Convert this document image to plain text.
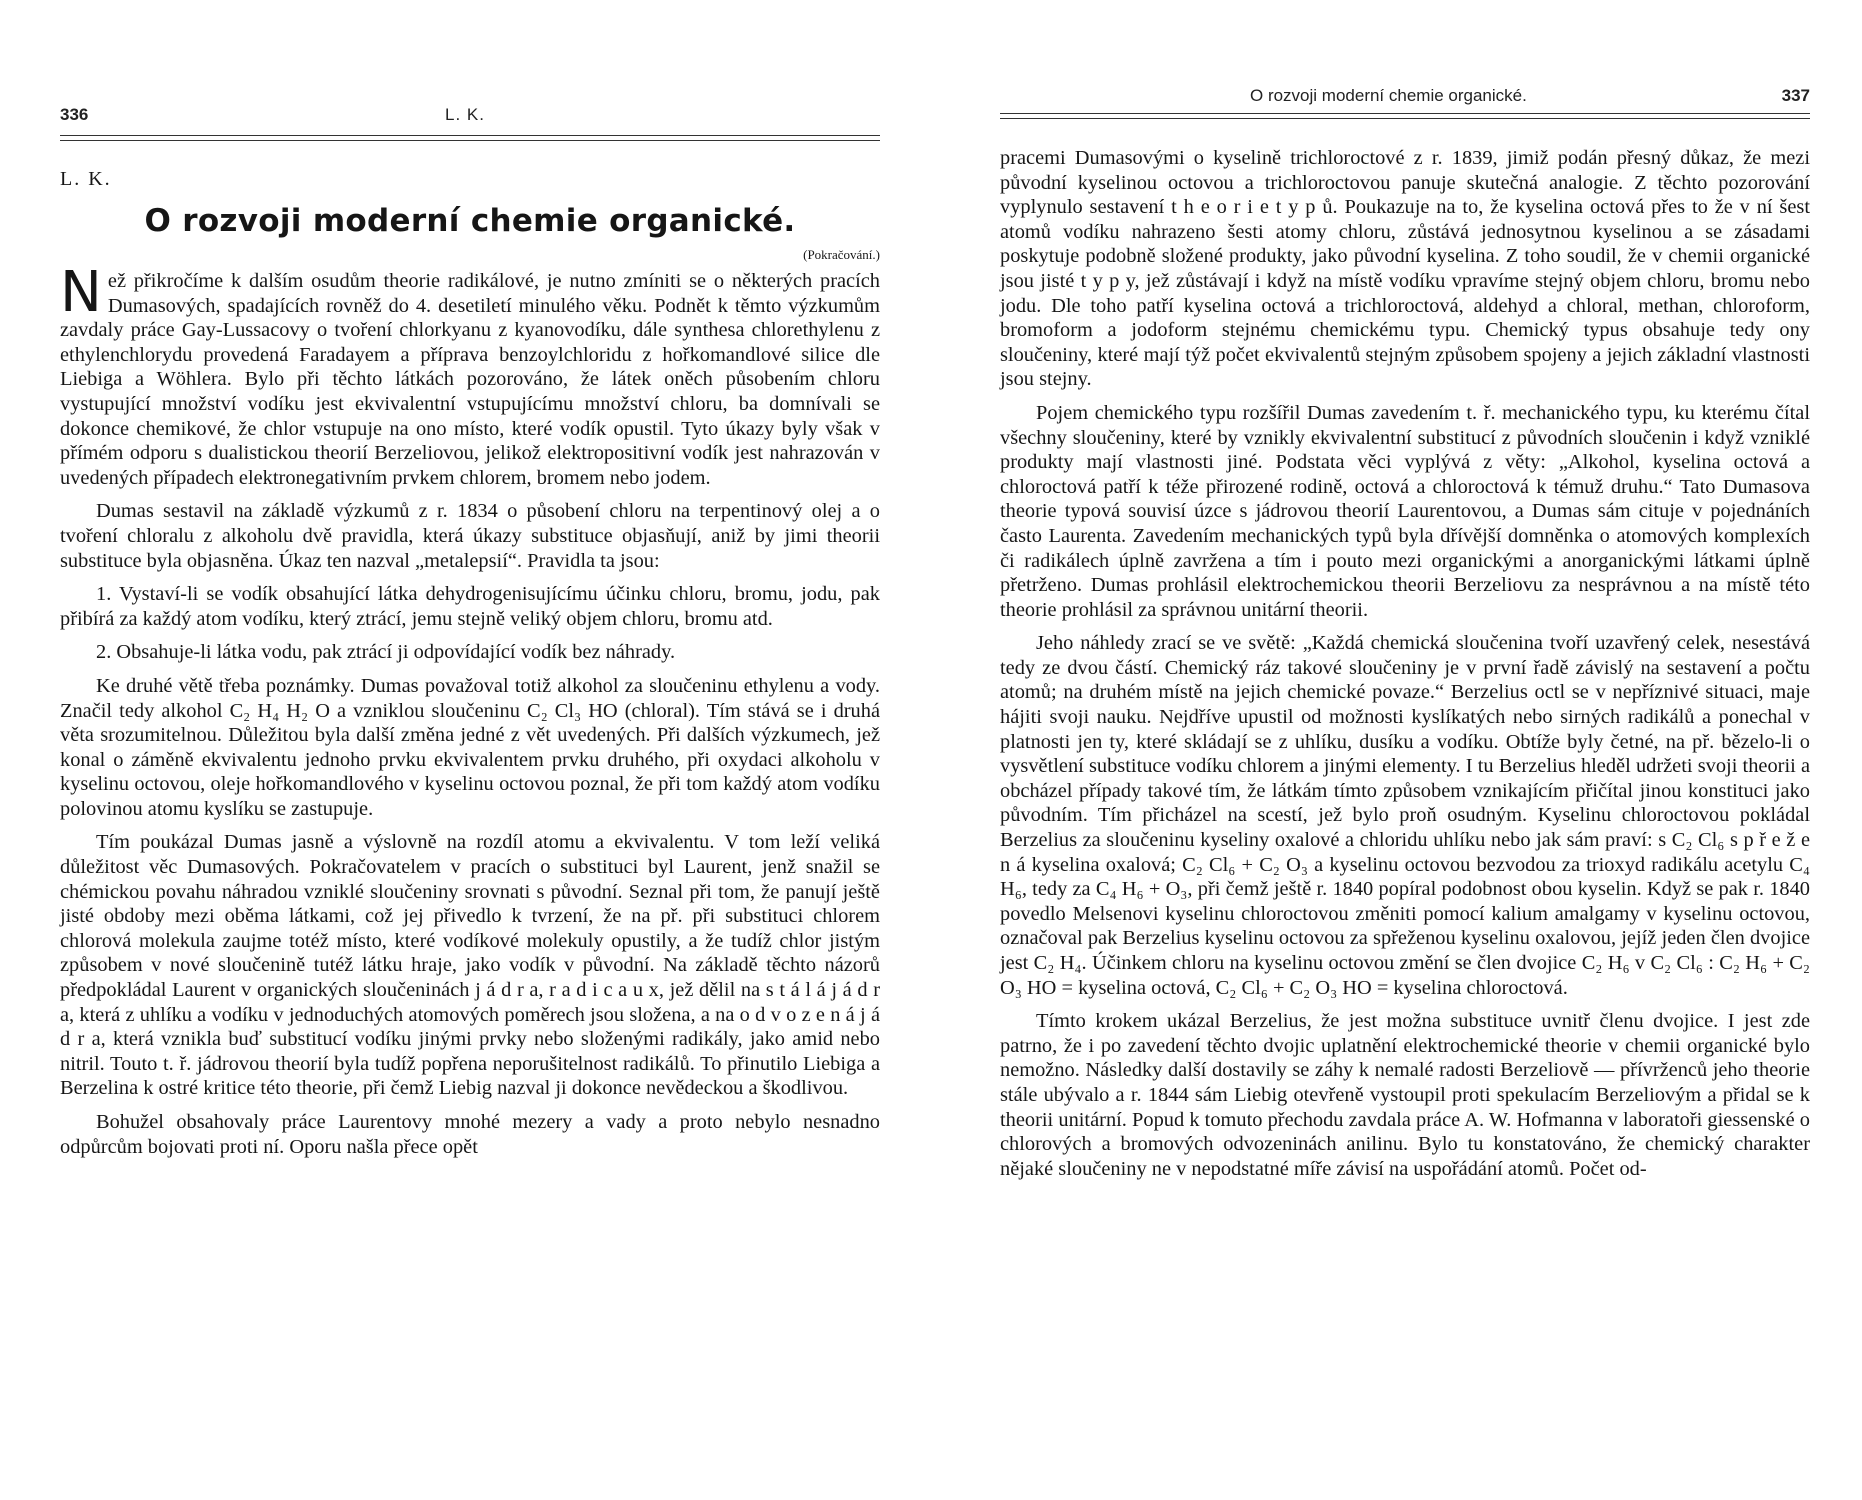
336	L. K.
L. K.
O rozvoji moderní chemie organické.
(Pokračování.)

Než přikročíme k dalším osudům theorie radikálové, je nutno zmíniti se o některých pracích Dumasových, spadajících rovněž do 4. desetiletí minulého věku. Podnět k těmto výzkumům zavdaly práce Gay-Lussacovy o tvoření chlorkyanu z kyanovodíku, dále synthesa chlorethylenu z ethylenchlorydu provedená Faradayem a příprava benzoylchloridu z hořkomandlové silice dle Liebiga a Wöhlera. Bylo při těchto látkách pozorováno, že látek oněch působením chloru vystupující množství vodíku jest ekvivalentní vstupujícímu množství chloru, ba domnívali se dokonce chemikové, že chlor vstupuje na ono místo, které vodík opustil. Tyto úkazy byly však v přímém odporu s dualistickou theorií Berzeliovou, jelikož elektropositivní vodík jest nahrazován v uvedených případech elektronegativním prvkem chlorem, bromem nebo jodem.

Dumas sestavil na základě výzkumů z r. 1834 o působení chloru na terpentinový olej a o tvoření chloralu z alkoholu dvě pravidla, která úkazy substituce objasňují, aniž by jimi theorii substituce byla objasněna. Úkaz ten nazval „metalepsií“. Pravidla ta jsou:

1. Vystaví-li se vodík obsahující látka dehydrogenisujícímu účinku chloru, bromu, jodu, pak přibírá za každý atom vodíku, který ztrácí, jemu stejně veliký objem chloru, bromu atd.

2. Obsahuje-li látka vodu, pak ztrácí ji odpovídající vodík bez náhrady.

Ke druhé větě třeba poznámky. Dumas považoval totiž alkohol za sloučeninu ethylenu a vody. Značil tedy alkohol C₂ H₄ H₂ O a vzniklou sloučeninu C₂ Cl₃ HO (chloral). Tím stává se i druhá věta srozumitelnou. Důležitou byla další změna jedné z vět uvedených. Při dalších výzkumech, jež konal o záměně ekvivalentu jednoho prvku ekvivalentem prvku druhého, při oxydaci alkoholu v kyselinu octovou, oleje hořkomandlového v kyselinu octovou poznal, že při tom každý atom vodíku polovinou atomu kyslíku se zastupuje.

Tím poukázal Dumas jasně a výslovně na rozdíl atomu a ekvivalentu. V tom leží veliká důležitost věc Dumasových. Pokračovatelem v pracích o substituci byl Laurent, jenž snažil se chémickou povahu náhradou vzniklé sloučeniny srovnati s původní. Seznal při tom, že panují ještě jisté obdoby mezi oběma látkami, což jej přivedlo k tvrzení, že na př. při substituci chlorem chlorová molekula zaujme totéž místo, které vodíkové molekuly opustily, a že tudíž chlor jistým způsobem v nové sloučenině tutéž látku hraje, jako vodík v původní. Na základě těchto názorů předpokládal Laurent v organických sloučeninách j á d r a, r a d i c a u x, jež dělil na s t á l á j á d r a, která z uhlíku a vodíku v jednoduchých atomových poměrech jsou složena, a na o d v o z e n á j á d r a, která vznikla buď substitucí vodíku jinými prvky nebo složenými radikály, jako amid nebo nitril. Touto t. ř. jádrovou theorií byla tudíž popřena neporušitelnost radikálů. To přinutilo Liebiga a Berzelina k ostré kritice této theorie, při čemž Liebig nazval ji dokonce nevědeckou a škodlivou.

Bohužel obsahovaly práce Laurentovy mnohé mezery a vady a proto nebylo nesnadno odpůrcům bojovati proti ní. Oporu našla přece opět

O rozvoji moderní chemie organické.	337

pracemi Dumasovými o kyselině trichloroctové z r. 1839, jimiž podán přesný důkaz, že mezi původní kyselinou octovou a trichloroctovou panuje skutečná analogie. Z těchto pozorování vyplynulo sestavení t h e o r i e t y p ů. Poukazuje na to, že kyselina octová přes to že v ní šest atomů vodíku nahrazeno šesti atomy chloru, zůstává jednosytnou kyselinou a se zásadami poskytuje podobně složené produkty, jako původní kyselina. Z toho soudil, že v chemii organické jsou jisté t y p y, jež zůstávají i když na místě vodíku vpravíme stejný objem chloru, bromu nebo jodu. Dle toho patří kyselina octová a trichloroctová, aldehyd a chloral, methan, chloroform, bromoform a jodoform stejnému chemickému typu. Chemický typus obsahuje tedy ony sloučeniny, které mají týž počet ekvivalentů stejným způsobem spojeny a jejich základní vlastnosti jsou stejny.

Pojem chemického typu rozšířil Dumas zavedením t. ř. mechanického typu, ku kterému čítal všechny sloučeniny, které by vznikly ekvivalentní substitucí z původních sloučenin i když vzniklé produkty mají vlastnosti jiné. Podstata věci vyplývá z věty: „Alkohol, kyselina octová a chloroctová patří k téže přirozené rodině, octová a chloroctová k témuž druhu.“ Tato Dumasova theorie typová souvisí úzce s jádrovou theorií Laurentovou, a Dumas sám cituje v pojednáních často Laurenta. Zavedením mechanických typů byla dřívější domněnka o atomových komplexích či radikálech úplně zavržena a tím i pouto mezi organickými a anorganickými látkami úplně přetrženo. Dumas prohlásil elektrochemickou theorii Berzeliovu za nesprávnou a na místě této theorie prohlásil za správnou unitární theorii.

Jeho náhledy zrací se ve světě: „Každá chemická sloučenina tvoří uzavřený celek, nesestává tedy ze dvou částí. Chemický ráz takové sloučeniny je v první řadě závislý na sestavení a počtu atomů; na druhém místě na jejich chemické povaze.“ Berzelius octl se v nepříznivé situaci, maje hájiti svoji nauku. Nejdříve upustil od možnosti kyslíkatých nebo sirných radikálů a ponechal v platnosti jen ty, které skládají se z uhlíku, dusíku a vodíku. Obtíže byly četné, na př. bězelo-li o vysvětlení substituce vodíku chlorem a jinými elementy. I tu Berzelius hleděl udržeti svoji theorii a obcházel případy takové tím, že látkám tímto způsobem vznikajícím přičítal jinou konstituci jako původním. Tím přicházel na scestí, jež bylo proň osudným. Kyselinu chloroctovou pokládal Berzelius za sloučeninu kyseliny oxalové a chloridu uhlíku nebo jak sám praví: s C₂ Cl₆ s p ř e ž e n á kyselina oxalová; C₂ Cl₆ + C₂ O₃ a kyselinu octovou bezvodou za trioxyd radikálu acetylu C₄ H₆, tedy za C₄ H₆ + O₃, při čemž ještě r. 1840 popíral podobnost obou kyselin. Když se pak r. 1840 povedlo Melsenovi kyselinu chloroctovou změniti pomocí kalium amalgamy v kyselinu octovou, označoval pak Berzelius kyselinu octovou za spřeženou kyselinu oxalovou, jejíž jeden člen dvojice jest C₂ H₄. Účinkem chloru na kyselinu octovou změní se člen dvojice C₂ H₆ v C₂ Cl₆ : C₂ H₆ + C₂ O₃ HO = kyselina octová, C₂ Cl₆ + C₂ O₃ HO = kyselina chloroctová.

Tímto krokem ukázal Berzelius, že jest možna substituce uvnitř členu dvojice. I jest zde patrno, že i po zavedení těchto dvojic uplatnění elektrochemické theorie v chemii organické bylo nemožno. Následky další dostavily se záhy k nemalé radosti Berzeliově — přívrženců jeho theorie stále ubývalo a r. 1844 sám Liebig otevřeně vystoupil proti spekulacím Berzeliovým a přidal se k theorii unitární. Popud k tomuto přechodu zavdala práce A. W. Hofmanna v laboratoři giessenské o chlorových a bromových odvozeninách anilinu. Bylo tu konstatováno, že chemický charakter nějaké sloučeniny ne v nepodstatné míře závisí na uspořádání atomů. Počet od-
